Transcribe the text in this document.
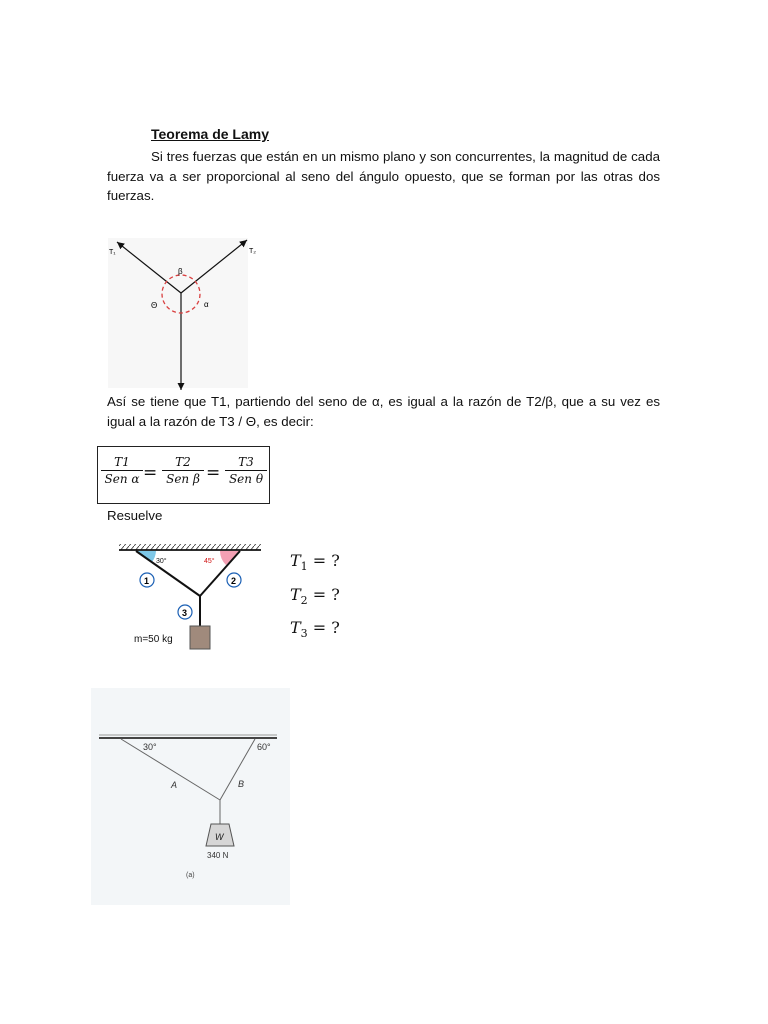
Teorema de Lamy
Si tres fuerzas que están en un mismo plano y son concurrentes, la magnitud de cada fuerza va a ser proporcional al seno del ángulo opuesto, que se forman por las otras dos fuerzas.
T₁	T₂
β
Θ	α
Así se tiene que T1, partiendo del seno de α, es igual a la razón de T2/β, que a su vez es igual a la razón de T3 / Θ, es decir:
T1
Sen α =
T2
Sen β =
T3
Sen θ
Resuelve
30°	45°
1	2
3
m=50 kg
$T_1$ = ?
$T_2$ = ?
$T_3$ = ?
30°	60°
A	B
W
340 N
(a)
